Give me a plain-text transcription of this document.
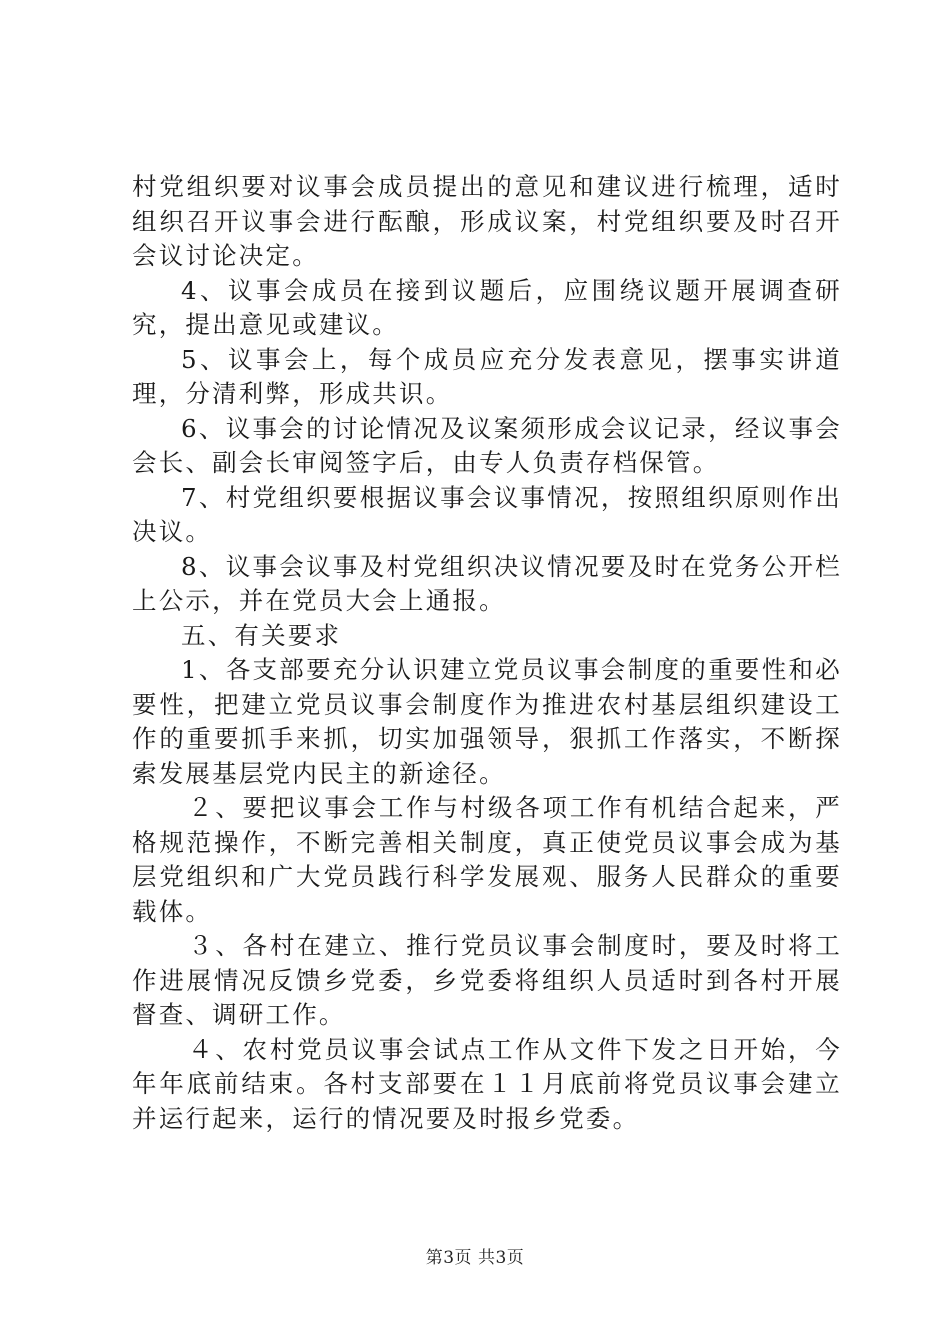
村党组织要对议事会成员提出的意见和建议进行梳理，适时组织召开议事会进行酝酿，形成议案，村党组织要及时召开会议讨论决定。

4、议事会成员在接到议题后，应围绕议题开展调查研究，提出意见或建议。

5、议事会上，每个成员应充分发表意见，摆事实讲道理，分清利弊，形成共识。

6、议事会的讨论情况及议案须形成会议记录，经议事会会长、副会长审阅签字后，由专人负责存档保管。

7、村党组织要根据议事会议事情况，按照组织原则作出决议。

8、议事会议事及村党组织决议情况要及时在党务公开栏上公示，并在党员大会上通报。

五、有关要求

1、各支部要充分认识建立党员议事会制度的重要性和必要性，把建立党员议事会制度作为推进农村基层组织建设工作的重要抓手来抓，切实加强领导，狠抓工作落实，不断探索发展基层党内民主的新途径。

２、要把议事会工作与村级各项工作有机结合起来，严格规范操作，不断完善相关制度，真正使党员议事会成为基层党组织和广大党员践行科学发展观、服务人民群众的重要载体。

３、各村在建立、推行党员议事会制度时，要及时将工作进展情况反馈乡党委，乡党委将组织人员适时到各村开展督查、调研工作。

４、农村党员议事会试点工作从文件下发之日开始，今年年底前结束。各村支部要在１１月底前将党员议事会建立并运行起来，运行的情况要及时报乡党委。

第3页 共3页
